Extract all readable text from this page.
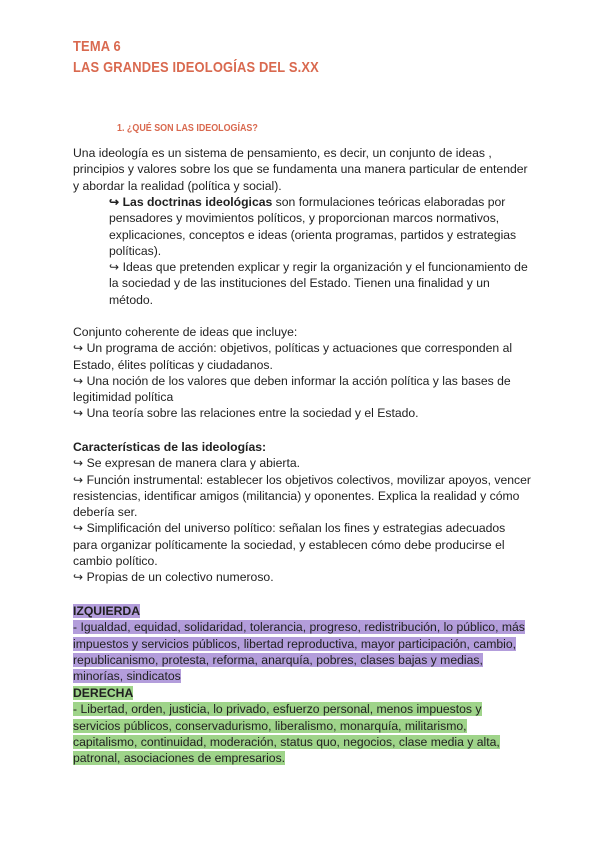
TEMA 6
LAS GRANDES IDEOLOGÍAS DEL S.XX
1. ¿QUÉ SON LAS IDEOLOGÍAS?
Una ideología es un sistema de pensamiento, es decir, un conjunto de ideas ,
principios y valores sobre los que se fundamenta una manera particular de entender
y abordar la realidad (política y social).
↪ Las doctrinas ideológicas son formulaciones teóricas elaboradas por
pensadores y movimientos políticos, y proporcionan marcos normativos,
explicaciones, conceptos e ideas (orienta programas, partidos y estrategias
políticas).
↪ Ideas que pretenden explicar y regir la organización y el funcionamiento de
la sociedad y de las instituciones del Estado. Tienen una finalidad y un
método.
Conjunto coherente de ideas que incluye:
↪ Un programa de acción: objetivos, políticas y actuaciones que corresponden al
Estado, élites políticas y ciudadanos.
↪ Una noción de los valores que deben informar la acción política y las bases de
legitimidad política
↪ Una teoría sobre las relaciones entre la sociedad y el Estado.
Características de las ideologías:
↪ Se expresan de manera clara y abierta.
↪ Función instrumental: establecer los objetivos colectivos, movilizar apoyos, vencer
resistencias, identificar amigos (militancia) y oponentes. Explica la realidad y cómo
debería ser.
↪ Simplificación del universo político: señalan los fines y estrategias adecuados
para organizar políticamente la sociedad, y establecen cómo debe producirse el
cambio político.
↪ Propias de un colectivo numeroso.
IZQUIERDA
- Igualdad, equidad, solidaridad, tolerancia, progreso, redistribución, lo público, más
impuestos y servicios públicos, libertad reproductiva, mayor participación, cambio,
republicanismo, protesta, reforma, anarquía, pobres, clases bajas y medias,
minorías, sindicatos
DERECHA
- Libertad, orden, justicia, lo privado, esfuerzo personal, menos impuestos y
servicios públicos, conservadurismo, liberalismo, monarquía, militarismo,
capitalismo, continuidad, moderación, status quo, negocios, clase media y alta,
patronal, asociaciones de empresarios.
